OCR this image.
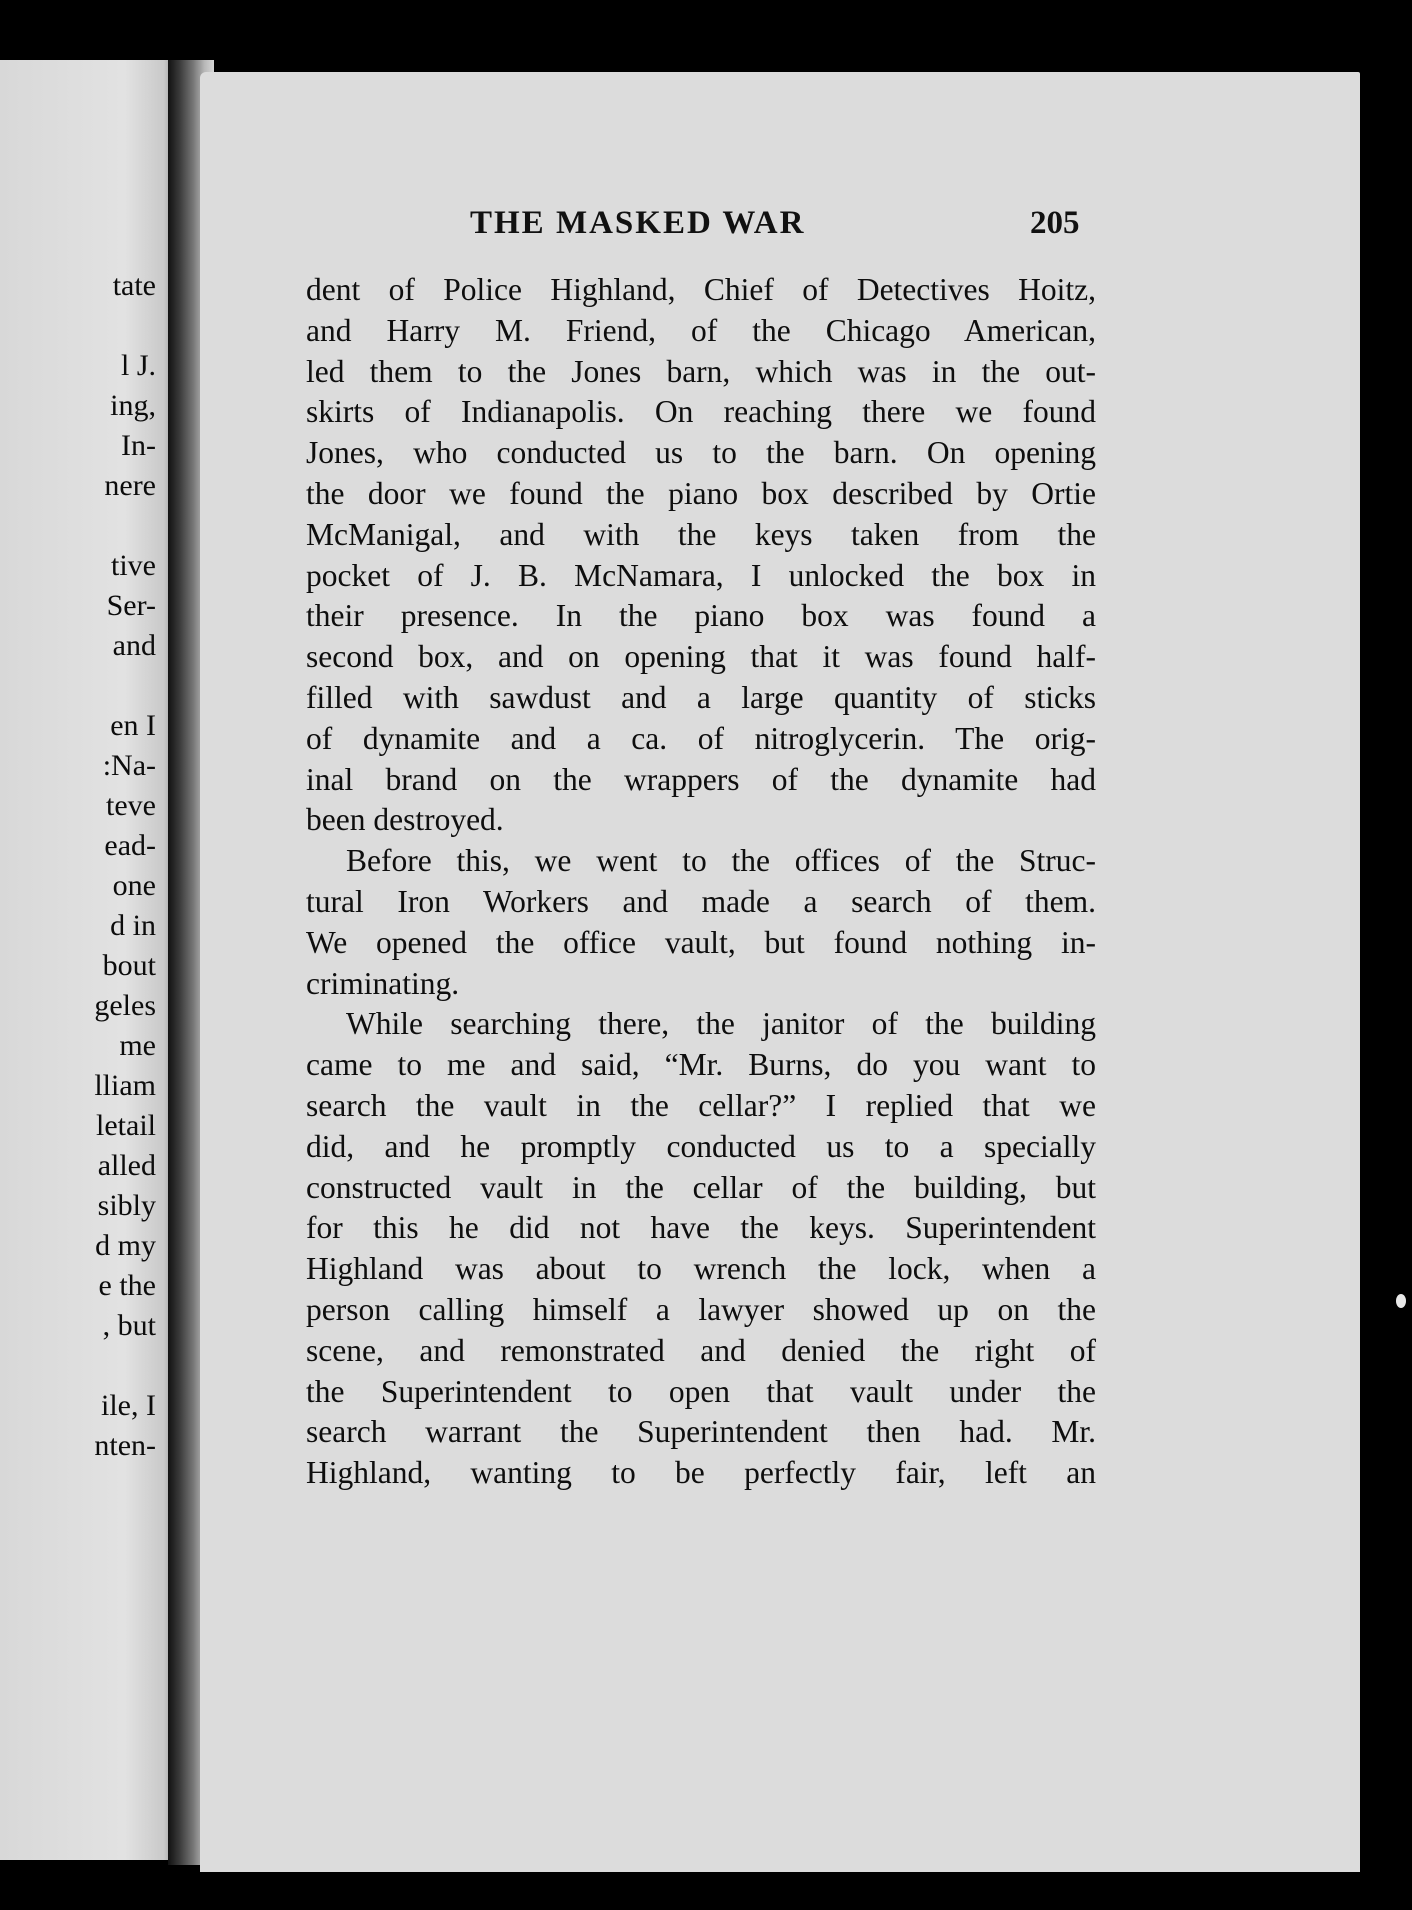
tate
l J.
ing,
In-
nere
tive
Ser-
and
en I
:Na-
teve
ead-
one
d in
bout
geles
me
lliam
letail
alled
sibly
d my
e the
, but
ile, I
nten-
THE MASKED WAR	205
dent of Police Highland, Chief of Detectives Hoitz,
and Harry M. Friend, of the Chicago American,
led them to the Jones barn, which was in the out-
skirts of Indianapolis. On reaching there we found
Jones, who conducted us to the barn. On opening
the door we found the piano box described by Ortie
McManigal, and with the keys taken from the
pocket of J. B. McNamara, I unlocked the box in
their presence. In the piano box was found a
second box, and on opening that it was found half-
filled with sawdust and a large quantity of sticks
of dynamite and a ca. of nitroglycerin. The orig-
inal brand on the wrappers of the dynamite had
been destroyed.
Before this, we went to the offices of the Struc-
tural Iron Workers and made a search of them.
We opened the office vault, but found nothing in-
criminating.
While searching there, the janitor of the building
came to me and said, “Mr. Burns, do you want to
search the vault in the cellar?” I replied that we
did, and he promptly conducted us to a specially
constructed vault in the cellar of the building, but
for this he did not have the keys. Superintendent
Highland was about to wrench the lock, when a
person calling himself a lawyer showed up on the
scene, and remonstrated and denied the right of
the Superintendent to open that vault under the
search warrant the Superintendent then had. Mr.
Highland, wanting to be perfectly fair, left an
